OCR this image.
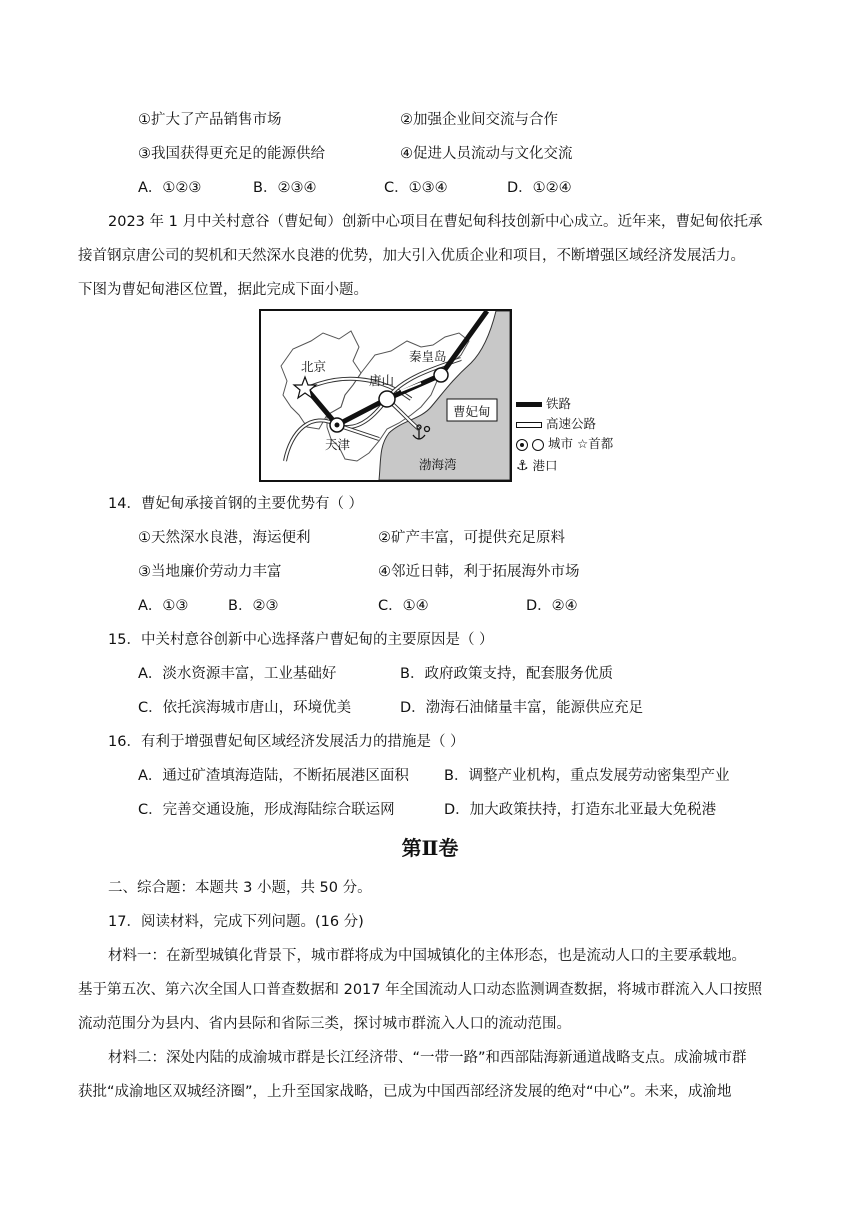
①扩大了产品销售市场	②加强企业间交流与合作
③我国获得更充足的能源供给	④促进人员流动与文化交流
A．①②③	B．②③④	C．①③④	D．①②④
2023 年 1 月中关村意谷（曹妃甸）创新中心项目在曹妃甸科技创新中心成立。近年来，曹妃甸依托承
接首钢京唐公司的契机和天然深水良港的优势，加大引入优质企业和项目，不断增强区域经济发展活力。
下图为曹妃甸港区位置，据此完成下面小题。
北京
天津
唐山
秦皇岛
曹妃甸
渤海湾
铁路
高速公路
城市 ☆首都
⚓ 港口
14．曹妃甸承接首钢的主要优势有（ ）
①天然深水良港，海运便利	②矿产丰富，可提供充足原料
③当地廉价劳动力丰富	④邻近日韩，利于拓展海外市场
A．①③	B．②③	C．①④	D．②④
15．中关村意谷创新中心选择落户曹妃甸的主要原因是（ ）
A．淡水资源丰富，工业基础好	B．政府政策支持，配套服务优质
C．依托滨海城市唐山，环境优美	D．渤海石油储量丰富，能源供应充足
16．有利于增强曹妃甸区域经济发展活力的措施是（ ）
A．通过矿渣填海造陆，不断拓展港区面积 B．调整产业机构，重点发展劳动密集型产业
C．完善交通设施，形成海陆综合联运网	D．加大政策扶持，打造东北亚最大免税港
第Ⅱ卷
二、综合题：本题共 3 小题，共 50 分。
17．阅读材料，完成下列问题。(16 分)
材料一：在新型城镇化背景下，城市群将成为中国城镇化的主体形态，也是流动人口的主要承载地。
基于第五次、第六次全国人口普查数据和 2017 年全国流动人口动态监测调查数据，将城市群流入人口按照
流动范围分为县内、省内县际和省际三类，探讨城市群流入人口的流动范围。
材料二：深处内陆的成渝城市群是长江经济带、“一带一路”和西部陆海新通道战略支点。成渝城市群
获批“成渝地区双城经济圈”，上升至国家战略，已成为中国西部经济发展的绝对“中心”。未来，成渝地
